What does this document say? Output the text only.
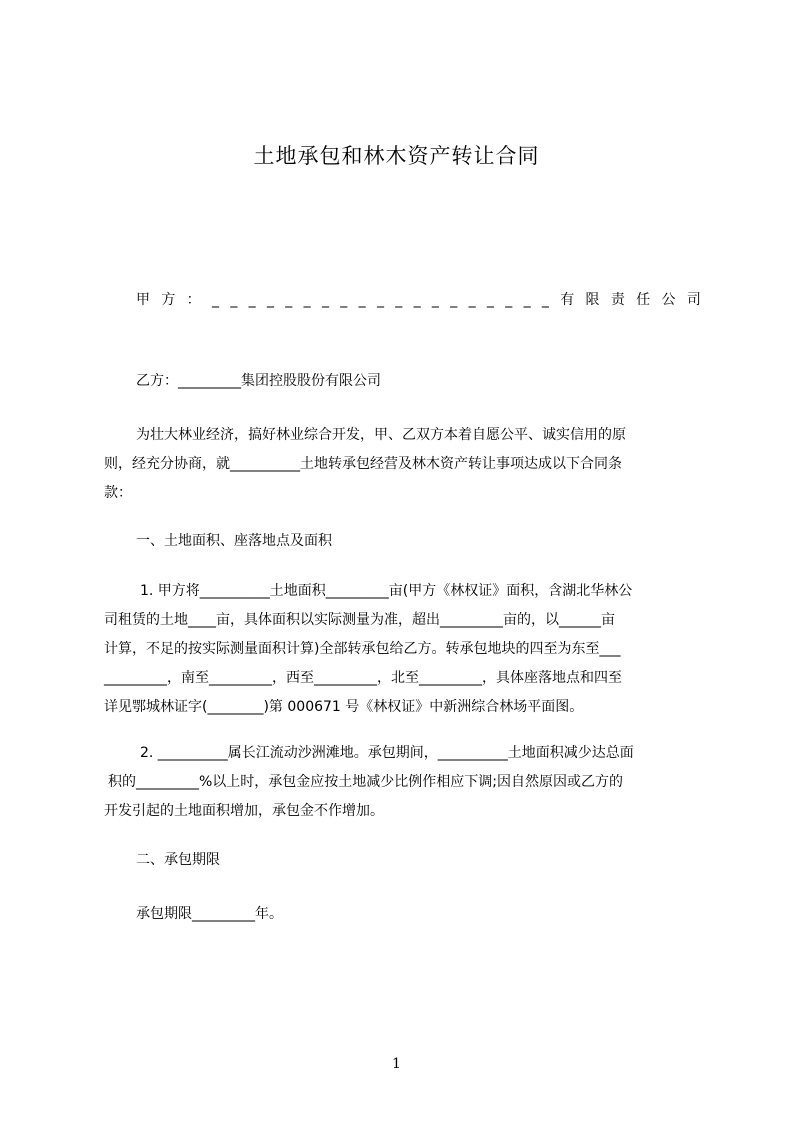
土地承包和林木资产转让合同
甲 方 ： _ _ _ _ _ _ _ _ _ _ _ _ _ _ _ _ _ _ _ 有 限 责 任 公 司
乙方：_________集团控股股份有限公司

为壮大林业经济，搞好林业综合开发，甲、乙双方本着自愿公平、诚实信用的原

则，经充分协商，就__________土地转承包经营及林木资产转让事项达成以下合同条

款：

一、土地面积、座落地点及面积

1. 甲方将__________土地面积_________亩(甲方《林权证》面积，含湖北华林公

司租赁的土地____亩，具体面积以实际测量为准，超出_________亩的，以______亩

计算，不足的按实际测量面积计算)全部转承包给乙方。转承包地块的四至为东至___

_________，南至_________，西至_________，北至_________，具体座落地点和四至

详见鄂城林证字(________)第 000671 号《林权证》中新洲综合林场平面图。

2. __________属长江流动沙洲滩地。承包期间，__________土地面积减少达总面

积的_________%以上时，承包金应按土地减少比例作相应下调;因自然原因或乙方的

开发引起的土地面积增加，承包金不作增加。

二、承包期限
承包期限_________年。
1
